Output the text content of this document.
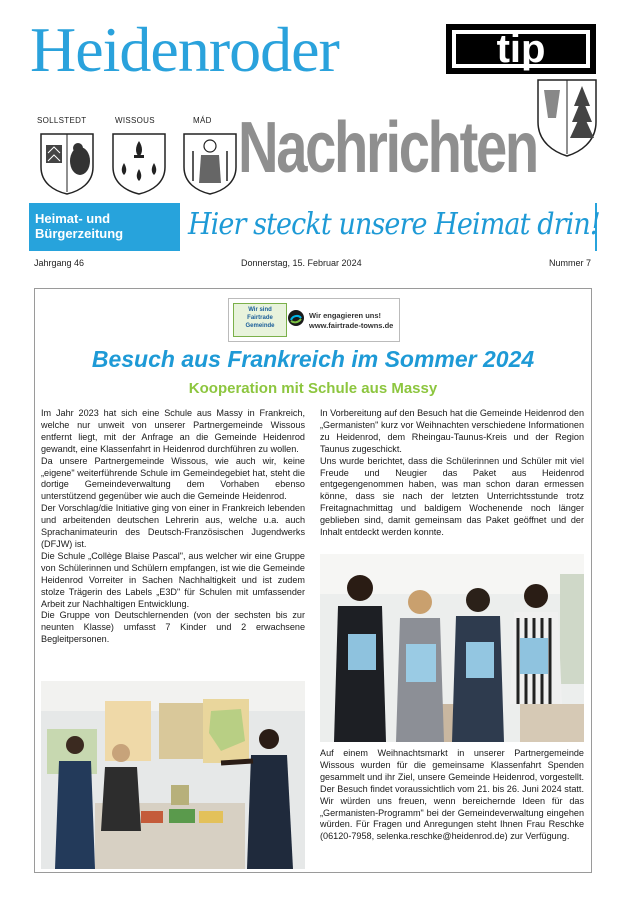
Heidenroder	tip
SOLLSTEDT	WISSOUS	MÁD Nachrichten
Heimat- und
Bürgerzeitung Hier steckt unsere Heimat drin!
Jahrgang 46	Donnerstag, 15. Februar 2024	Nummer 7
Wir sind
Fairtrade
Gemeinde
Wir engagieren uns!
www.fairtrade-towns.de
Besuch aus Frankreich im Sommer 2024
Kooperation mit Schule aus Massy

Im Jahr 2023 hat sich eine Schule aus Massy in Frankreich, welche nur unweit von unserer Partnergemeinde Wissous entfernt liegt, mit der Anfrage an die Gemeinde Heidenrod gewandt, eine Klassenfahrt in Heidenrod durchführen zu wollen.

Da unsere Partnergemeinde Wissous, wie auch wir, keine „eigene" weiterführende Schule im Gemeindegebiet hat, steht die dortige Gemeindeverwaltung dem Vorhaben ebenso unterstützend gegenüber wie auch die Gemeinde Heidenrod.

Der Vorschlag/die Initiative ging von einer in Frankreich lebenden und arbeitenden deutschen Lehrerin aus, welche u.a. auch Sprachanimateurin des Deutsch-Französischen Jugendwerks (DFJW) ist.

Die Schule „Collège Blaise Pascal", aus welcher wir eine Gruppe von Schülerinnen und Schülern empfangen, ist wie die Gemeinde Heidenrod Vorreiter in Sachen Nachhaltigkeit und ist zudem stolze Trägerin des Labels „E3D" für Schulen mit umfassender Arbeit zur Nachhaltigen Entwicklung.

Die Gruppe von Deutschlernenden (von der sechsten bis zur neunten Klasse) umfasst 7 Kinder und 2 erwachsene Begleitpersonen.

In Vorbereitung auf den Besuch hat die Gemeinde Heidenrod den „Germanisten" kurz vor Weihnachten verschiedene Informationen zu Heidenrod, dem Rheingau-Taunus-Kreis und der Region Taunus zugeschickt.

Uns wurde berichtet, dass die Schülerinnen und Schüler mit viel Freude und Neugier das Paket aus Heidenrod entgegengenommen haben, was man schon daran ermessen könne, dass sie nach der letzten Unterrichtsstunde trotz Freitagnachmittag und baldigem Wochenende noch länger geblieben sind, damit gemeinsam das Paket geöffnet und der Inhalt entdeckt werden konnte.

Auf einem Weihnachtsmarkt in unserer Partnergemeinde Wissous wurden für die gemeinsame Klassenfahrt Spenden gesammelt und ihr Ziel, unsere Gemeinde Heidenrod, vorgestellt. Der Besuch findet voraussichtlich vom 21. bis 26. Juni 2024 statt. Wir würden uns freuen, wenn bereichernde Ideen für das „Germanisten-Programm" bei der Gemeindeverwaltung eingehen würden. Für Fragen und Anregungen steht Ihnen Frau Reschke (06120-7958, selenka.reschke@heidenrod.de) zur Verfügung.
